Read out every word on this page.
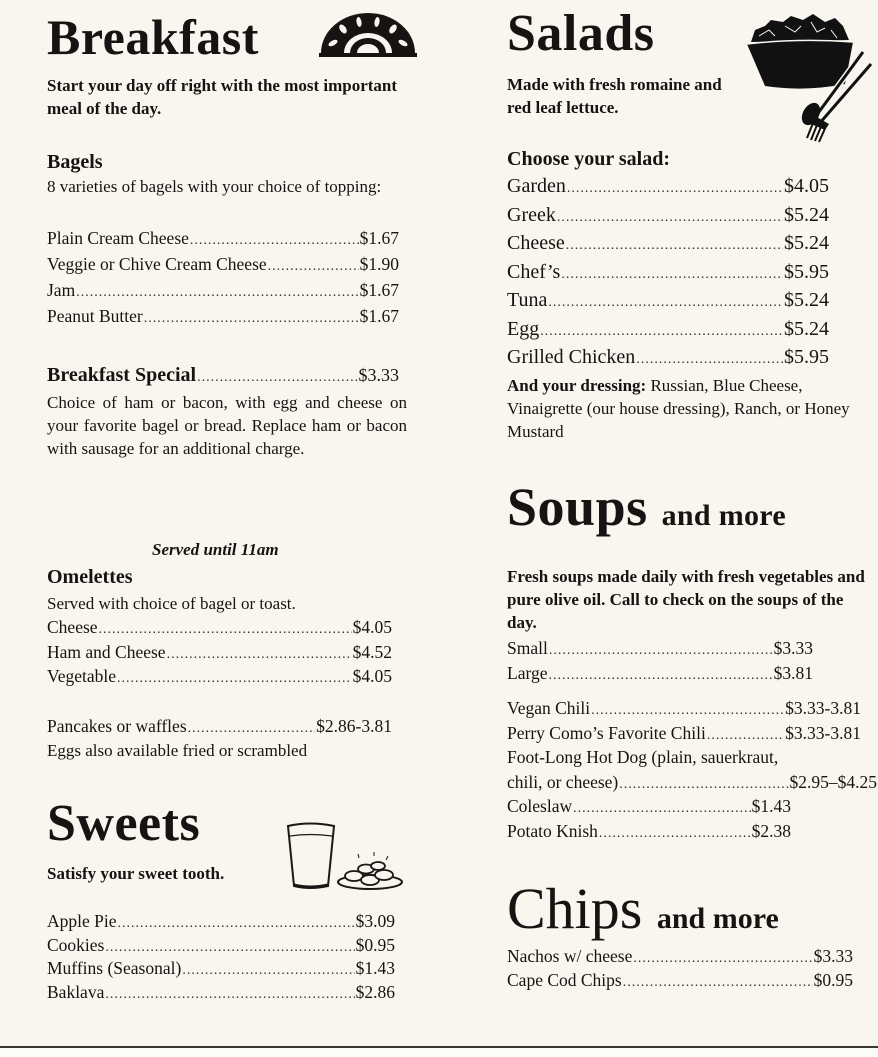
Breakfast
Start your day off right with the most important meal of the day.
Bagels
8 varieties of bagels with your choice of topping:
Plain Cream Cheese .....	$1.67
Veggie or Chive Cream Cheese .....	$1.90
Jam .....	$1.67
Peanut Butter .....	$1.67
Breakfast Special .....	$3.33
Choice of ham or bacon, with egg and cheese on your favorite bagel or bread. Replace ham or bacon with sausage for an additional charge.
Served until 11am
Omelettes
Served with choice of bagel or toast.
Cheese .....	$4.05
Ham and Cheese .....	$4.52
Vegetable .....	$4.05
Pancakes or waffles .....	$2.86-3.81
Eggs also available fried or scrambled
Sweets
Satisfy your sweet tooth.
Apple Pie .....	$3.09
Cookies .....	$0.95
Muffins (Seasonal) .....	$1.43
Baklava .....	$2.86
Salads
Made with fresh romaine and red leaf lettuce.
Choose your salad:
Garden .....	$4.05
Greek .....	$5.24
Cheese .....	$5.24
Chef’s .....	$5.95
Tuna .....	$5.24
Egg .....	$5.24
Grilled Chicken .....	$5.95
And your dressing: Russian, Blue Cheese, Vinaigrette (our house dressing), Ranch, or Honey Mustard
Soups and more
Fresh soups made daily with fresh vegetables and pure olive oil. Call to check on the soups of the day.
Small .....	$3.33
Large .....	$3.81
Vegan Chili .....	$3.33-3.81
Perry Como’s Favorite Chili .....	$3.33-3.81
Foot-Long Hot Dog (plain, sauerkraut,
chili, or cheese) .....	$2.95–$4.25
Coleslaw .....	$1.43
Potato Knish .....	$2.38
Chips and more
Nachos w/ cheese .....	$3.33
Cape Cod Chips .....	$0.95
